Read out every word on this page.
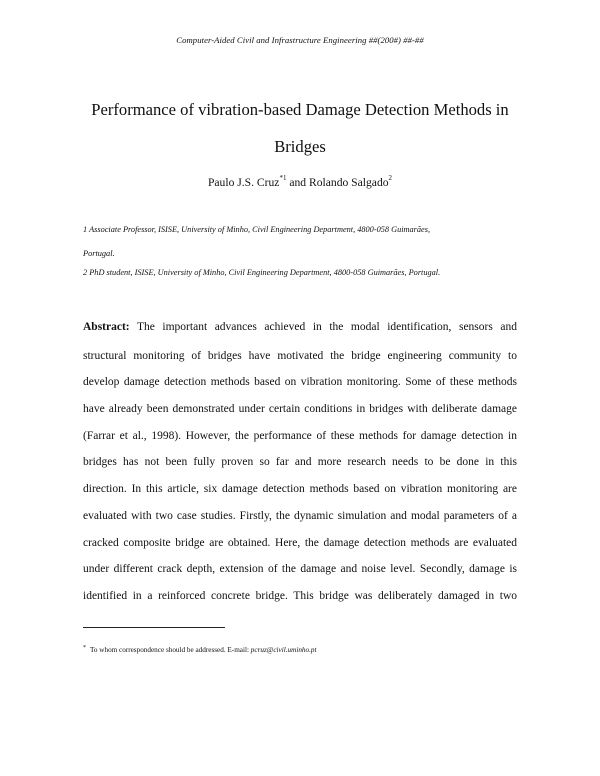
Computer-Aided Civil and Infrastructure Engineering ##(200#) ##-##
Performance of vibration-based Damage Detection Methods in
Bridges
Paulo J.S. Cruz$^{*1}$ and Rolando Salgado$^2$
1 Associate Professor, ISISE, University of Minho, Civil Engineering Department, 4800-058 Guimarães,
Portugal.
2 PhD student, ISISE, University of Minho, Civil Engineering Department, 4800-058 Guimarães, Portugal.
Abstract: The important advances achieved in the modal identification, sensors and
structural monitoring of bridges have motivated the bridge engineering community to
develop damage detection methods based on vibration monitoring. Some of these methods
have already been demonstrated under certain conditions in bridges with deliberate damage
(Farrar et al., 1998). However, the performance of these methods for damage detection in
bridges has not been fully proven so far and more research needs to be done in this
direction. In this article, six damage detection methods based on vibration monitoring are
evaluated with two case studies. Firstly, the dynamic simulation and modal parameters of a
cracked composite bridge are obtained. Here, the damage detection methods are evaluated
under different crack depth, extension of the damage and noise level. Secondly, damage is
identified in a reinforced concrete bridge. This bridge was deliberately damaged in two
* To whom correspondence should be addressed. E-mail: pcruz@civil.uminho.pt
